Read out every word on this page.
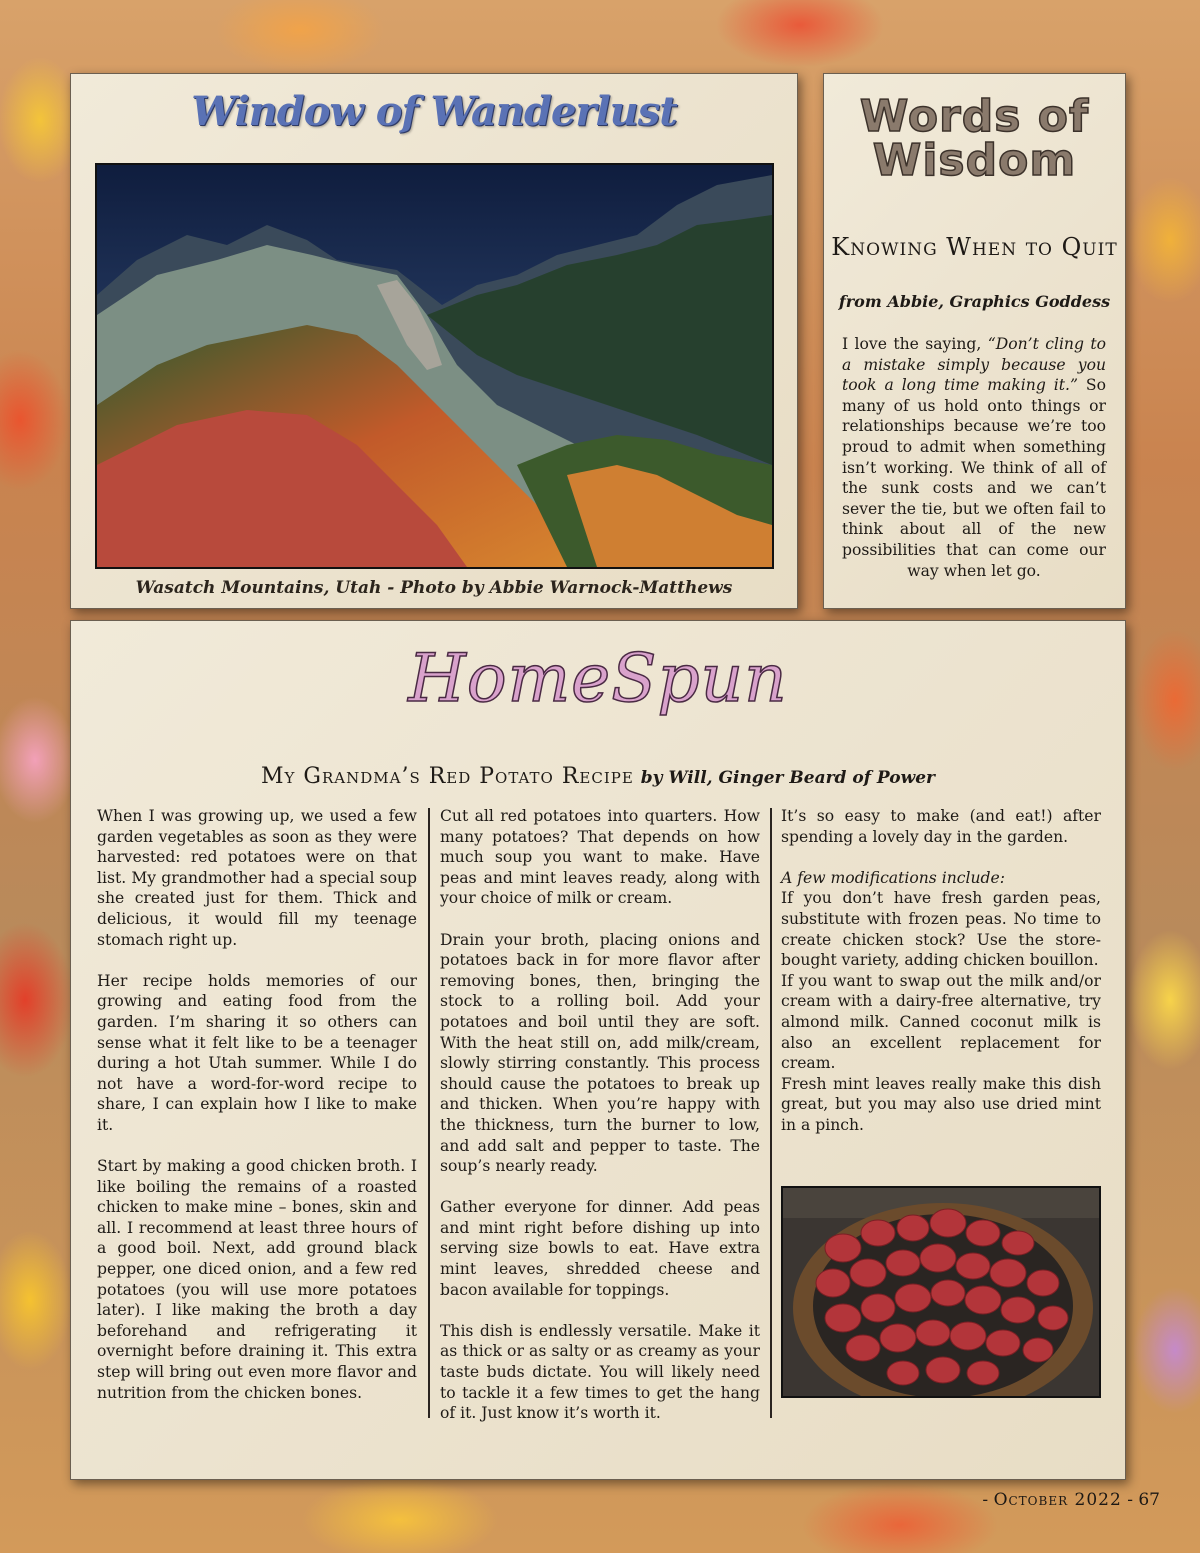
Window of Wanderlust
Wasatch Mountains, Utah - Photo by Abbie Warnock-Matthews
Words of
Wisdom
Knowing When to Quit
from Abbie, Graphics Goddess
I love the saying, “Don’t cling to a mistake simply because you took a long time making it.” So many of us hold onto things or relationships because we’re too proud to admit when something isn’t working. We think of all of the sunk costs and we can’t sever the tie, but we often fail to think about all of the new possibilities that can come our way when let go.
HomeSpun
My Grandma’s Red Potato Recipe by Will, Ginger Beard of Power

When I was growing up, we used a few garden vegetables as soon as they were harvested: red potatoes were on that list. My grandmother had a special soup she created just for them. Thick and delicious, it would fill my teenage stomach right up.

Her recipe holds memories of our growing and eating food from the garden. I’m sharing it so others can sense what it felt like to be a teenager during a hot Utah summer. While I do not have a word-for-word recipe to share, I can explain how I like to make it.

Start by making a good chicken broth. I like boiling the remains of a roasted chicken to make mine – bones, skin and all. I recommend at least three hours of a good boil. Next, add ground black pepper, one diced onion, and a few red potatoes (you will use more potatoes later). I like making the broth a day beforehand and refrigerating it overnight before draining it. This extra step will bring out even more flavor and nutrition from the chicken bones.

Cut all red potatoes into quarters. How many potatoes? That depends on how much soup you want to make. Have peas and mint leaves ready, along with your choice of milk or cream.

Drain your broth, placing onions and potatoes back in for more flavor after removing bones, then, bringing the stock to a rolling boil. Add your potatoes and boil until they are soft. With the heat still on, add milk/cream, slowly stirring constantly. This process should cause the potatoes to break up and thicken. When you’re happy with the thickness, turn the burner to low, and add salt and pepper to taste. The soup’s nearly ready.

Gather everyone for dinner. Add peas and mint right before dishing up into serving size bowls to eat. Have extra mint leaves, shredded cheese and bacon available for toppings.

This dish is endlessly versatile. Make it as thick or as salty or as creamy as your taste buds dictate. You will likely need to tackle it a few times to get the hang of it. Just know it’s worth it.

It’s so easy to make (and eat!) after spending a lovely day in the garden.

A few modifications include:
If you don’t have fresh garden peas, substitute with frozen peas. No time to create chicken stock? Use the store-bought variety, adding chicken bouillon.
If you want to swap out the milk and/or cream with a dairy-free alternative, try almond milk. Canned coconut milk is also an excellent replacement for cream.
Fresh mint leaves really make this dish great, but you may also use dried mint in a pinch.
- October 2022 - 67
